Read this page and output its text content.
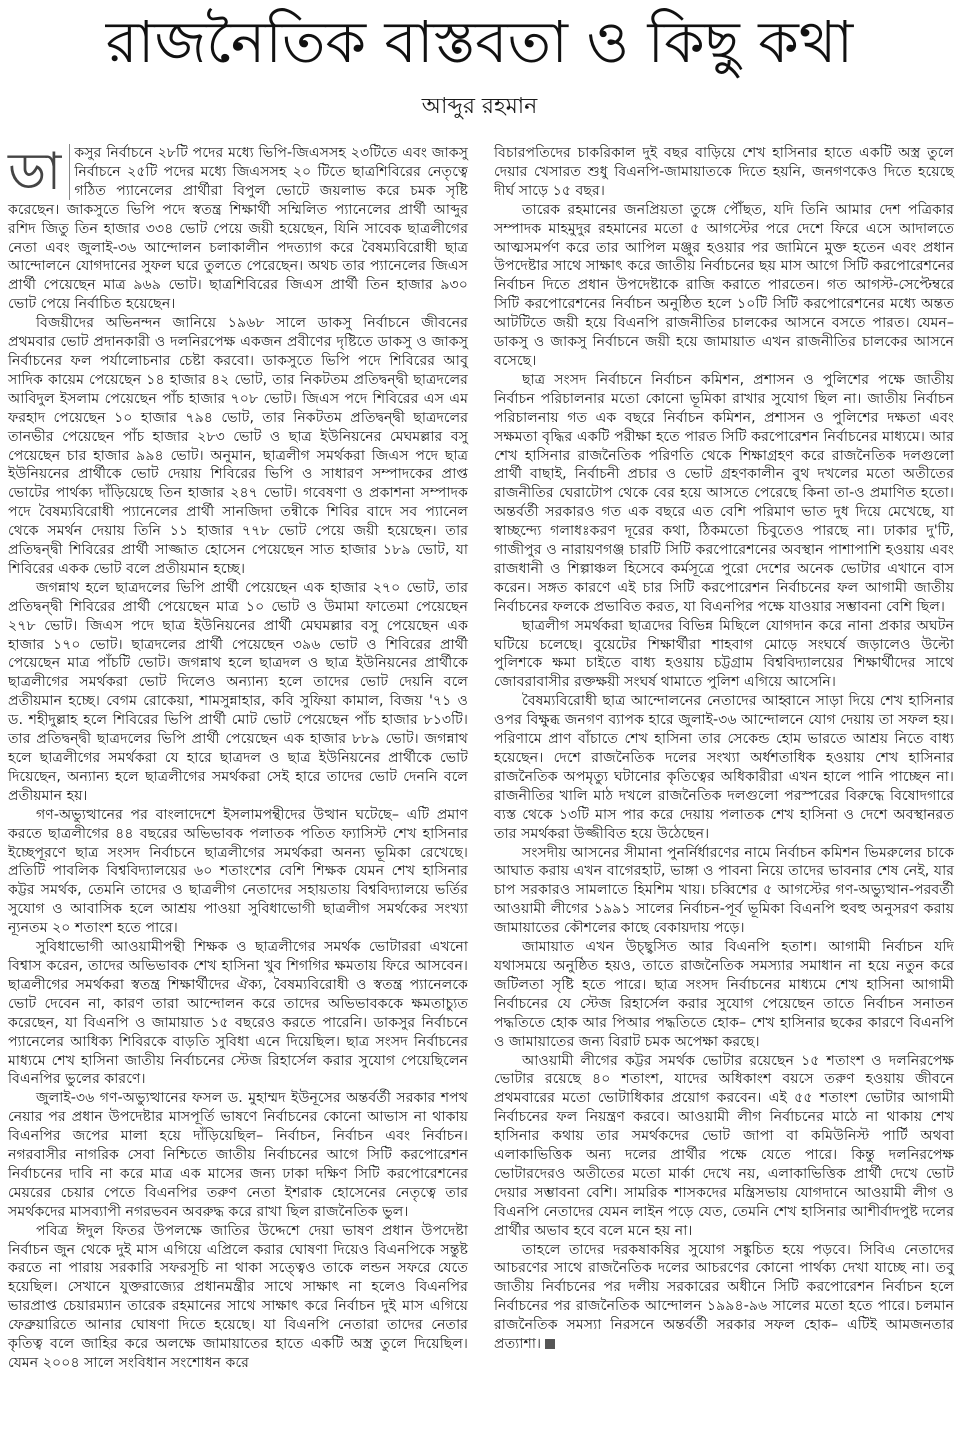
রাজনৈতিক বাস্তবতা ও কিছু কথা
আব্দুর রহমান

ডা কসুর নির্বাচনে ২৮টি পদের মধ্যে ভিপি-জিএসসহ ২৩টিতে এবং জাকসু নির্বাচনে ২৫টি পদের মধ্যে জিএসসহ ২০ টিতে ছাত্রশিবিরের নেতৃত্বে গঠিত প্যানেলের প্রার্থীরা বিপুল ভোটে জয়লাভ করে চমক সৃষ্টি করেছেন। জাকসুতে ভিপি পদে স্বতন্ত্র শিক্ষার্থী সম্মিলিত প্যানেলের প্রার্থী আব্দুর রশিদ জিতু তিন হাজার ৩৩৪ ভোট পেয়ে জয়ী হয়েছেন, যিনি সাবেক ছাত্রলীগের নেতা এবং জুলাই-৩৬ আন্দোলন চলাকালীন পদত্যাগ করে বৈষম্যবিরোধী ছাত্র আন্দোলনে যোগদানের সুফল ঘরে তুলতে পেরেছেন। অথচ তার প্যানেলের জিএস প্রার্থী পেয়েছেন মাত্র ৯৬৯ ভোট। ছাত্রশিবিরের জিএস প্রার্থী তিন হাজার ৯৩০ ভোট পেয়ে নির্বাচিত হয়েছেন।

বিজয়ীদের অভিনন্দন জানিয়ে ১৯৬৮ সালে ডাকসু নির্বাচনে জীবনের প্রথমবার ভোট প্রদানকারী ও দলনিরপেক্ষ একজন প্রবীণের দৃষ্টিতে ডাকসু ও জাকসু নির্বাচনের ফল পর্যালোচনার চেষ্টা করবো। ডাকসুতে ভিপি পদে শিবিরের আবু সাদিক কায়েম পেয়েছেন ১৪ হাজার ৪২ ভোট, তার নিকটতম প্রতিদ্বন্দ্বী ছাত্রদলের আবিদুল ইসলাম পেয়েছেন পাঁচ হাজার ৭০৮ ভোট। জিএস পদে শিবিরের এস এম ফরহাদ পেয়েছেন ১০ হাজার ৭৯৪ ভোট, তার নিকটতম প্রতিদ্বন্দ্বী ছাত্রদলের তানভীর পেয়েছেন পাঁচ হাজার ২৮৩ ভোট ও ছাত্র ইউনিয়নের মেঘমল্লার বসু পেয়েছেন চার হাজার ৯৯৪ ভোট। অনুমান, ছাত্রলীগ সমর্থকরা জিএস পদে ছাত্র ইউনিয়নের প্রার্থীকে ভোট দেয়ায় শিবিরের ভিপি ও সাধারণ সম্পাদকের প্রাপ্ত ভোটের পার্থক্য দাঁড়িয়েছে তিন হাজার ২৪৭ ভোট। গবেষণা ও প্রকাশনা সম্পাদক পদে বৈষম্যবিরোধী প্যানেলের প্রার্থী সানজিদা তন্বীকে শিবির বাদে সব প্যানেল থেকে সমর্থন দেয়ায় তিনি ১১ হাজার ৭৭৮ ভোট পেয়ে জয়ী হয়েছেন। তার প্রতিদ্বন্দ্বী শিবিরের প্রার্থী সাজ্জাত হোসেন পেয়েছেন সাত হাজার ১৮৯ ভোট, যা শিবিরের একক ভোট বলে প্রতীয়মান হচ্ছে।

জগন্নাথ হলে ছাত্রদলের ভিপি প্রার্থী পেয়েছেন এক হাজার ২৭০ ভোট, তার প্রতিদ্বন্দ্বী শিবিরের প্রার্থী পেয়েছেন মাত্র ১০ ভোট ও উমামা ফাতেমা পেয়েছেন ২৭৮ ভোট। জিএস পদে ছাত্র ইউনিয়নের প্রার্থী মেঘমল্লার বসু পেয়েছেন এক হাজার ১৭০ ভোট। ছাত্রদলের প্রার্থী পেয়েছেন ৩৯৬ ভোট ও শিবিরের প্রার্থী পেয়েছেন মাত্র পাঁচটি ভোট। জগন্নাথ হলে ছাত্রদল ও ছাত্র ইউনিয়নের প্রার্থীকে ছাত্রলীগের সমর্থকরা ভোট দিলেও অন্যান্য হলে তাদের ভোট দেয়নি বলে প্রতীয়মান হচ্ছে। বেগম রোকেয়া, শামসুন্নাহার, কবি সুফিয়া কামাল, বিজয় '৭১ ও ড. শহীদুল্লাহ হলে শিবিরের ভিপি প্রার্থী মোট ভোট পেয়েছেন পাঁচ হাজার ৮১৩টি। তার প্রতিদ্বন্দ্বী ছাত্রদলের ভিপি প্রার্থী পেয়েছেন এক হাজার ৮৮৯ ভোট। জগন্নাথ হলে ছাত্রলীগের সমর্থকরা যে হারে ছাত্রদল ও ছাত্র ইউনিয়নের প্রার্থীকে ভোট দিয়েছেন, অন্যান্য হলে ছাত্রলীগের সমর্থকরা সেই হারে তাদের ভোট দেননি বলে প্রতীয়মান হয়।

গণ-অভ্যুত্থানের পর বাংলাদেশে ইসলামপন্থীদের উত্থান ঘটেছে– এটি প্রমাণ করতে ছাত্রলীগের ৪৪ বছরের অভিভাবক পলাতক পতিত ফ্যাসিস্ট শেখ হাসিনার ইচ্ছেপূরণে ছাত্র সংসদ নির্বাচনে ছাত্রলীগের সমর্থকরা অনন্য ভূমিকা রেখেছে। প্রতিটি পাবলিক বিশ্ববিদ্যালয়ের ৬০ শতাংশের বেশি শিক্ষক যেমন শেখ হাসিনার কট্টর সমর্থক, তেমনি তাদের ও ছাত্রলীগ নেতাদের সহায়তায় বিশ্ববিদ্যালয়ে ভর্তির সুযোগ ও আবাসিক হলে আশ্রয় পাওয়া সুবিধাভোগী ছাত্রলীগ সমর্থকের সংখ্যা ন্যূনতম ২০ শতাংশ হতে পারে।

সুবিধাভোগী আওয়ামীপন্থী শিক্ষক ও ছাত্রলীগের সমর্থক ভোটাররা এখনো বিশ্বাস করেন, তাদের অভিভাবক শেখ হাসিনা খুব শিগগির ক্ষমতায় ফিরে আসবেন। ছাত্রলীগের সমর্থকরা স্বতন্ত্র শিক্ষার্থীদের ঐক্য, বৈষম্যবিরোধী ও স্বতন্ত্র প্যানেলকে ভোট দেবেন না, কারণ তারা আন্দোলন করে তাদের অভিভাবককে ক্ষমতাচ্যুত করেছেন, যা বিএনপি ও জামায়াত ১৫ বছরেও করতে পারেনি। ডাকসুর নির্বাচনে প্যানেলের আধিক্য শিবিরকে বাড়তি সুবিধা এনে দিয়েছিল। ছাত্র সংসদ নির্বাচনের মাধ্যমে শেখ হাসিনা জাতীয় নির্বাচনের স্টেজ রিহার্সেল করার সুযোগ পেয়েছিলেন বিএনপির ভুলের কারণে।

জুলাই-৩৬ গণ-অভ্যুত্থানের ফসল ড. মুহাম্মদ ইউনূসের অন্তর্বর্তী সরকার শপথ নেয়ার পর প্রধান উপদেষ্টার মাসপূর্তি ভাষণে নির্বাচনের কোনো আভাস না থাকায় বিএনপির জপের মালা হয়ে দাঁড়িয়েছিল– নির্বাচন, নির্বাচন এবং নির্বাচন। নগরবাসীর নাগরিক সেবা নিশ্চিতে জাতীয় নির্বাচনের আগে সিটি করপোরেশন নির্বাচনের দাবি না করে মাত্র এক মাসের জন্য ঢাকা দক্ষিণ সিটি করপোরেশনের মেয়রের চেয়ার পেতে বিএনপির তরুণ নেতা ইশরাক হোসেনের নেতৃত্বে তার সমর্থকদের মাসব্যাপী নগরভবন অবরুদ্ধ করে রাখা ছিল রাজনৈতিক ভুল।

পবিত্র ঈদুল ফিতর উপলক্ষে জাতির উদ্দেশে দেয়া ভাষণ প্রধান উপদেষ্টা নির্বাচন জুন থেকে দুই মাস এগিয়ে এপ্রিলে করার ঘোষণা দিয়েও বিএনপিকে সন্তুষ্ট করতে না পারায় সরকারি সফরসূচি না থাকা সত্ত্বেও তাকে লন্ডন সফরে যেতে হয়েছিল। সেখানে যুক্তরাজ্যের প্রধানমন্ত্রীর সাথে সাক্ষাৎ না হলেও বিএনপির ভারপ্রাপ্ত চেয়ারম্যান তারেক রহমানের সাথে সাক্ষাৎ করে নির্বাচন দুই মাস এগিয়ে ফেব্রুয়ারিতে আনার ঘোষণা দিতে হয়েছে। যা বিএনপি নেতারা তাদের নেতার কৃতিত্ব বলে জাহির করে অলক্ষে জামায়াতের হাতে একটি অস্ত্র তুলে দিয়েছিল। যেমন ২০০৪ সালে সংবিধান সংশোধন করে

বিচারপতিদের চাকরিকাল দুই বছর বাড়িয়ে শেখ হাসিনার হাতে একটি অস্ত্র তুলে দেয়ার খেসারত শুধু বিএনপি-জামায়াতকে দিতে হয়নি, জনগণকেও দিতে হয়েছে দীর্ঘ সাড়ে ১৫ বছর।

তারেক রহমানের জনপ্রিয়তা তুঙ্গে পৌঁছত, যদি তিনি আমার দেশ পত্রিকার সম্পাদক মাহমুদুর রহমানের মতো ৫ আগস্টের পরে দেশে ফিরে এসে আদালতে আত্মসমর্পণ করে তার আপিল মঞ্জুর হওয়ার পর জামিনে মুক্ত হতেন এবং প্রধান উপদেষ্টার সাথে সাক্ষাৎ করে জাতীয় নির্বাচনের ছয় মাস আগে সিটি করপোরেশনের নির্বাচন দিতে প্রধান উপদেষ্টাকে রাজি করাতে পারতেন। গত আগস্ট-সেপ্টেম্বরে সিটি করপোরেশনের নির্বাচন অনুষ্ঠিত হলে ১০টি সিটি করপোরেশনের মধ্যে অন্তত আটটিতে জয়ী হয়ে বিএনপি রাজনীতির চালকের আসনে বসতে পারত। যেমন– ডাকসু ও জাকসু নির্বাচনে জয়ী হয়ে জামায়াত এখন রাজনীতির চালকের আসনে বসেছে।

ছাত্র সংসদ নির্বাচনে নির্বাচন কমিশন, প্রশাসন ও পুলিশের পক্ষে জাতীয় নির্বাচন পরিচালনার মতো কোনো ভূমিকা রাখার সুযোগ ছিল না। জাতীয় নির্বাচন পরিচালনায় গত এক বছরে নির্বাচন কমিশন, প্রশাসন ও পুলিশের দক্ষতা এবং সক্ষমতা বৃদ্ধির একটি পরীক্ষা হতে পারত সিটি করপোরেশন নির্বাচনের মাধ্যমে। আর শেখ হাসিনার রাজনৈতিক পরিণতি থেকে শিক্ষাগ্রহণ করে রাজনৈতিক দলগুলো প্রার্থী বাছাই, নির্বাচনী প্রচার ও ভোট গ্রহণকালীন বুথ দখলের মতো অতীতের রাজনীতির ঘেরাটোপ থেকে বের হয়ে আসতে পেরেছে কিনা তা-ও প্রমাণিত হতো। অন্তর্বর্তী সরকারও গত এক বছরে এত বেশি পরিমাণ ভাত দুধ দিয়ে মেখেছে, যা স্বাচ্ছন্দ্যে গলাধঃকরণ দূরের কথা, ঠিকমতো চিবুতেও পারছে না। ঢাকার দু'টি, গাজীপুর ও নারায়ণগঞ্জ চারটি সিটি করপোরেশনের অবস্থান পাশাপাশি হওয়ায় এবং রাজধানী ও শিল্পাঞ্চল হিসেবে কর্মসূত্রে পুরো দেশের অনেক ভোটার এখানে বাস করেন। সঙ্গত কারণে এই চার সিটি করপোরেশন নির্বাচনের ফল আগামী জাতীয় নির্বাচনের ফলকে প্রভাবিত করত, যা বিএনপির পক্ষে যাওয়ার সম্ভাবনা বেশি ছিল।

ছাত্রলীগ সমর্থকরা ছাত্রদের বিভিন্ন মিছিলে যোগদান করে নানা প্রকার অঘটন ঘটিয়ে চলেছে। বুয়েটের শিক্ষার্থীরা শাহবাগ মোড়ে সংঘর্ষে জড়ালেও উল্টো পুলিশকে ক্ষমা চাইতে বাধ্য হওয়ায় চট্টগ্রাম বিশ্ববিদ্যালয়ের শিক্ষার্থীদের সাথে জোবরাবাসীর রক্তক্ষয়ী সংঘর্ষ থামাতে পুলিশ এগিয়ে আসেনি।

বৈষম্যবিরোধী ছাত্র আন্দোলনের নেতাদের আহ্বানে সাড়া দিয়ে শেখ হাসিনার ওপর বিক্ষুব্ধ জনগণ ব্যাপক হারে জুলাই-৩৬ আন্দোলনে যোগ দেয়ায় তা সফল হয়। পরিণামে প্রাণ বাঁচাতে শেখ হাসিনা তার সেকেন্ড হোম ভারতে আশ্রয় নিতে বাধ্য হয়েছেন। দেশে রাজনৈতিক দলের সংখ্যা অর্ধশতাধিক হওয়ায় শেখ হাসিনার রাজনৈতিক অপমৃত্যু ঘটানোর কৃতিত্বের অধিকারীরা এখন হালে পানি পাচ্ছেন না। রাজনীতির খালি মাঠ দখলে রাজনৈতিক দলগুলো পরস্পরের বিরুদ্ধে বিষোদগারে ব্যস্ত থেকে ১৩টি মাস পার করে দেয়ায় পলাতক শেখ হাসিনা ও দেশে অবস্থানরত তার সমর্থকরা উজ্জীবিত হয়ে উঠেছেন।

সংসদীয় আসনের সীমানা পুনর্নির্ধারণের নামে নির্বাচন কমিশন ভিমরুলের চাকে আঘাত করায় এখন বাগেরহাট, ভাঙ্গা ও পাবনা নিয়ে তাদের ভাবনার শেষ নেই, যার চাপ সরকারও সামলাতে হিমশিম খায়। চব্বিশের ৫ আগস্টের গণ-অভ্যুত্থান-পরবর্তী আওয়ামী লীগের ১৯৯১ সালের নির্বাচন-পূর্ব ভূমিকা বিএনপি হুবহু অনুসরণ করায় জামায়াতের কৌশলের কাছে বেকায়দায় পড়ে।

জামায়াত এখন উচ্ছ্বসিত আর বিএনপি হতাশ। আগামী নির্বাচন যদি যথাসময়ে অনুষ্ঠিত হয়ও, তাতে রাজনৈতিক সমস্যার সমাধান না হয়ে নতুন করে জটিলতা সৃষ্টি হতে পারে। ছাত্র সংসদ নির্বাচনের মাধ্যমে শেখ হাসিনা আগামী নির্বাচনের যে স্টেজ রিহার্সেল করার সুযোগ পেয়েছেন তাতে নির্বাচন সনাতন পদ্ধতিতে হোক আর পিআর পদ্ধতিতে হোক– শেখ হাসিনার ছকের কারণে বিএনপি ও জামায়াতের জন্য বিরাট চমক অপেক্ষা করছে।

আওয়ামী লীগের কট্টর সমর্থক ভোটার রয়েছেন ১৫ শতাংশ ও দলনিরপেক্ষ ভোটার রয়েছে ৪০ শতাংশ, যাদের অধিকাংশ বয়সে তরুণ হওয়ায় জীবনে প্রথমবারের মতো ভোটাধিকার প্রয়োগ করবেন। এই ৫৫ শতাংশ ভোটার আগামী নির্বাচনের ফল নিয়ন্ত্রণ করবে। আওয়ামী লীগ নির্বাচনের মাঠে না থাকায় শেখ হাসিনার কথায় তার সমর্থকদের ভোট জাপা বা কমিউনিস্ট পার্টি অথবা এলাকাভিত্তিক অন্য দলের প্রার্থীর পক্ষে যেতে পারে। কিন্তু দলনিরপেক্ষ ভোটারদেরও অতীতের মতো মার্কা দেখে নয়, এলাকাভিত্তিক প্রার্থী দেখে ভোট দেয়ার সম্ভাবনা বেশি। সামরিক শাসকদের মন্ত্রিসভায় যোগদানে আওয়ামী লীগ ও বিএনপি নেতাদের যেমন লাইন পড়ে যেত, তেমনি শেখ হাসিনার আশীর্বাদপুষ্ট দলের প্রার্থীর অভাব হবে বলে মনে হয় না।

তাহলে তাদের দরকষাকষির সুযোগ সঙ্কুচিত হয়ে পড়বে। সিবিএ নেতাদের আচরণের সাথে রাজনৈতিক দলের আচরণের কোনো পার্থক্য দেখা যাচ্ছে না। তবু জাতীয় নির্বাচনের পর দলীয় সরকারের অধীনে সিটি করপোরেশন নির্বাচন হলে নির্বাচনের পর রাজনৈতিক আন্দোলন ১৯৯৪-৯৬ সালের মতো হতে পারে। চলমান রাজনৈতিক সমস্যা নিরসনে অন্তর্বর্তী সরকার সফল হোক– এটিই আমজনতার প্রত্যাশা।
